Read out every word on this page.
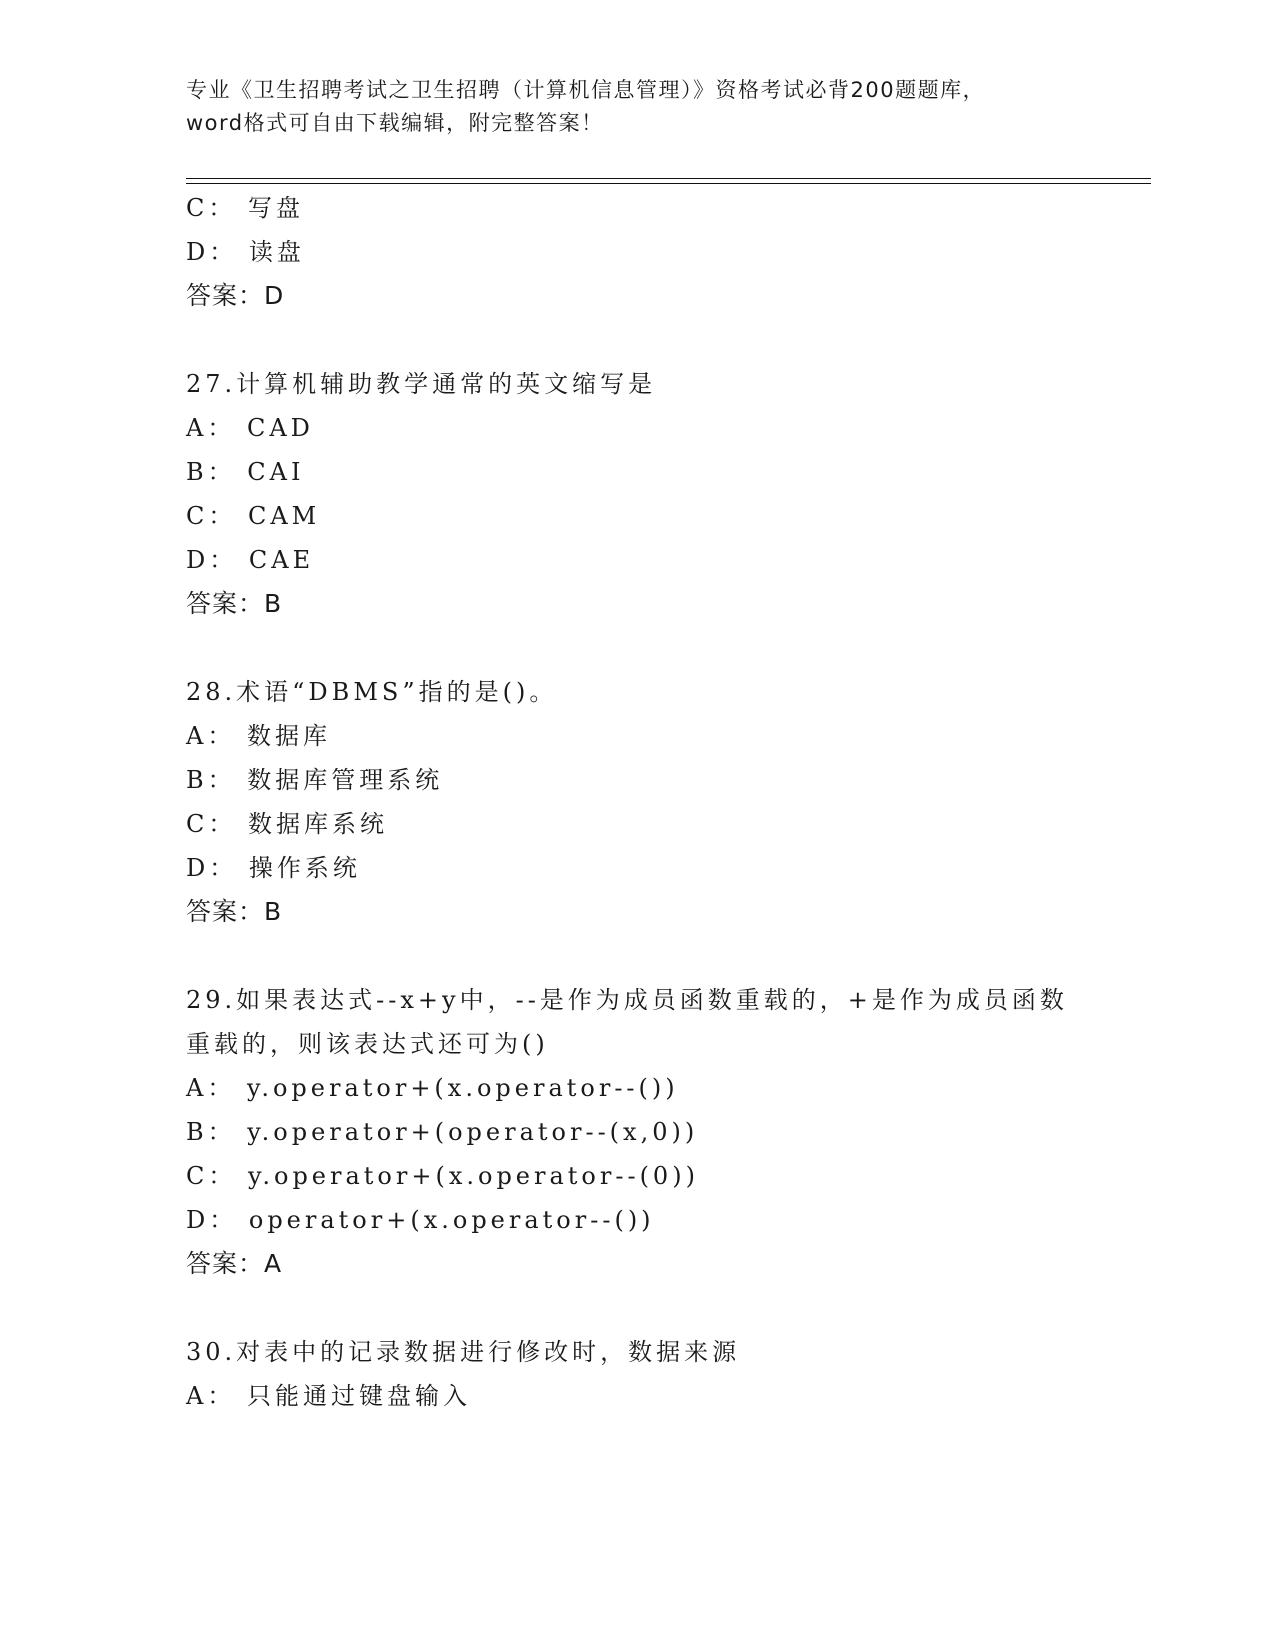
专业《卫生招聘考试之卫生招聘（计算机信息管理）》资格考试必背200题题库，
word格式可自由下载编辑，附完整答案！
C： 写盘
D： 读盘
答案：D
27.计算机辅助教学通常的英文缩写是
A： CAD
B： CAI
C： CAM
D： CAE
答案：B
28.术语“DBMS”指的是()。
A： 数据库
B： 数据库管理系统
C： 数据库系统
D： 操作系统
答案：B
29.如果表达式--x+y中，--是作为成员函数重载的，+是作为成员函数
重载的，则该表达式还可为()
A： y.operator+(x.operator--())
B： y.operator+(operator--(x,0))
C： y.operator+(x.operator--(0))
D： operator+(x.operator--())
答案：A
30.对表中的记录数据进行修改时，数据来源
A： 只能通过键盘输入
